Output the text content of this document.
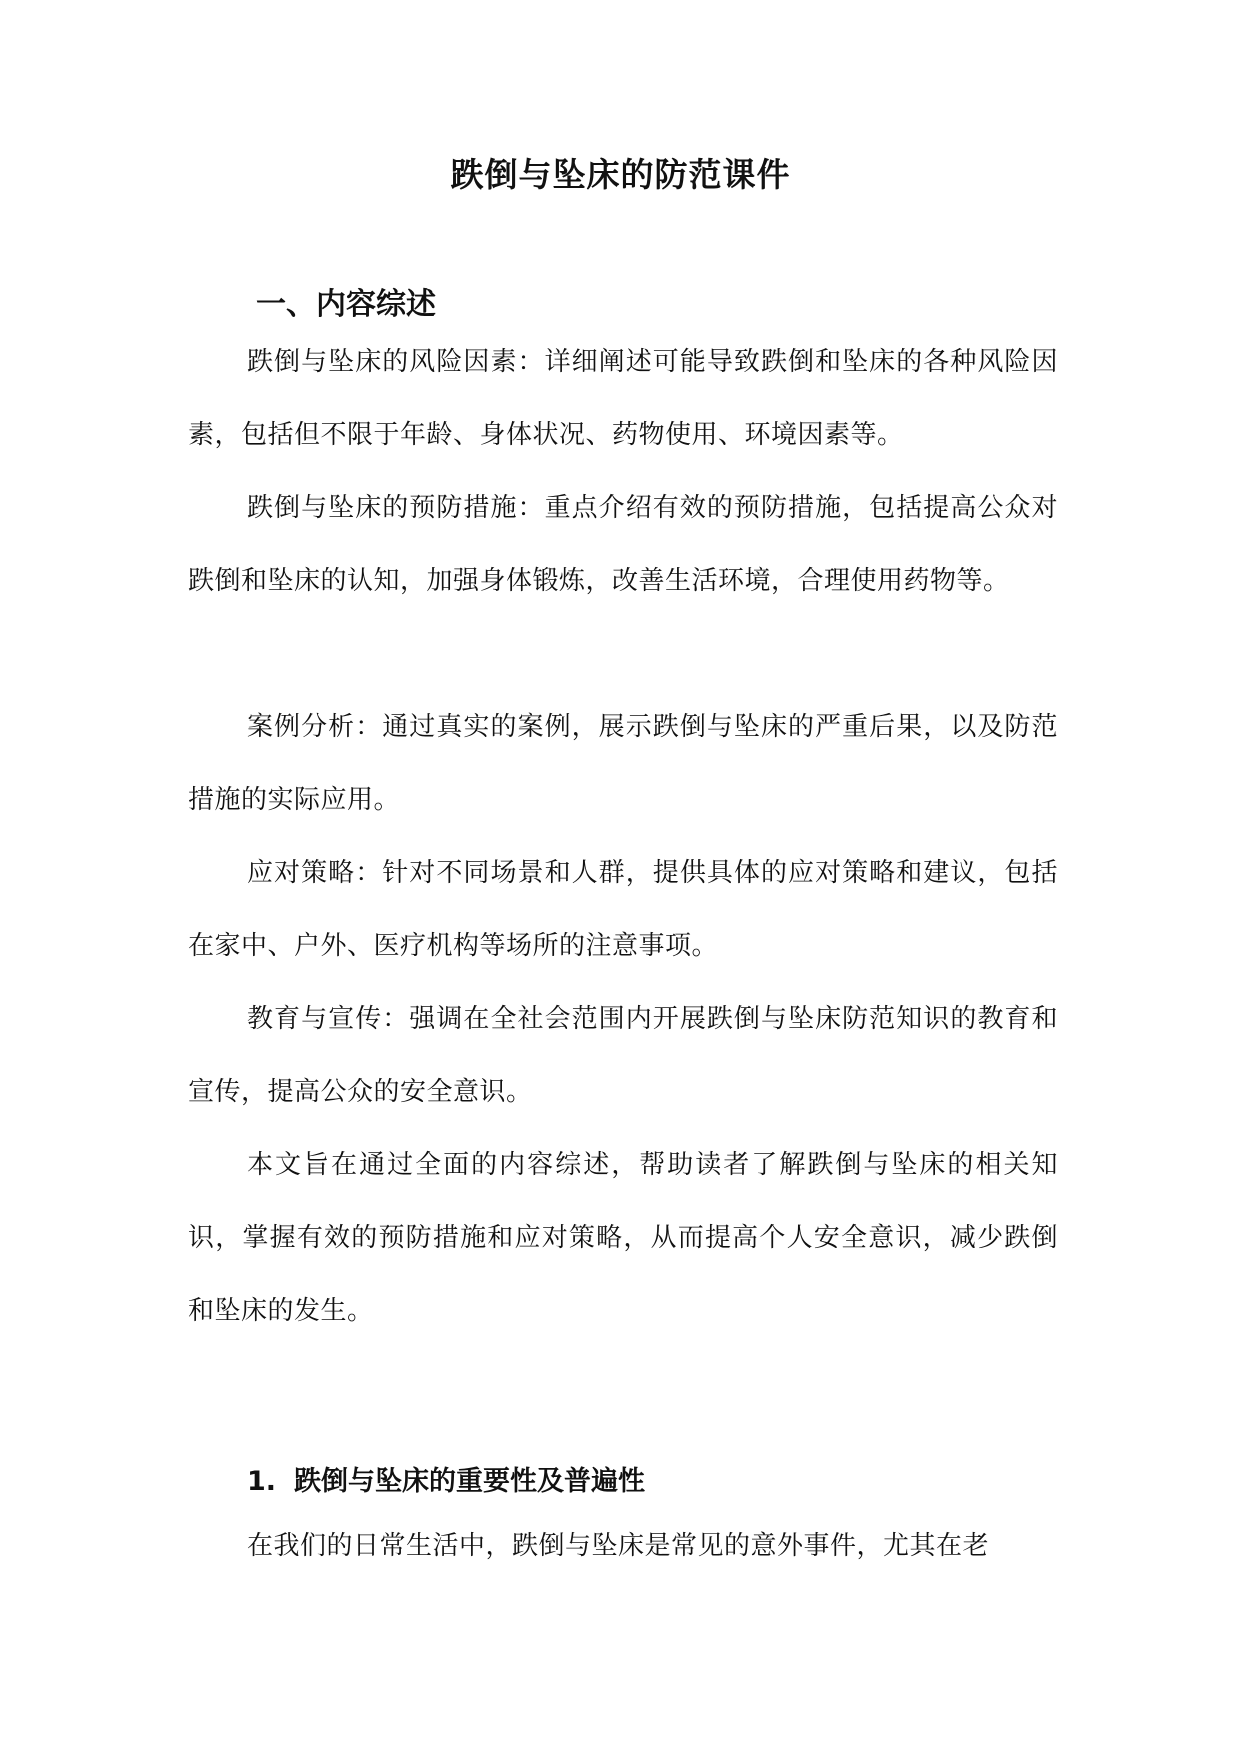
跌倒与坠床的防范课件
一、内容综述

跌倒与坠床的风险因素：详细阐述可能导致跌倒和坠床的各种风险因素，包括但不限于年龄、身体状况、药物使用、环境因素等。

跌倒与坠床的预防措施：重点介绍有效的预防措施，包括提高公众对跌倒和坠床的认知，加强身体锻炼，改善生活环境，合理使用药物等。

案例分析：通过真实的案例，展示跌倒与坠床的严重后果，以及防范措施的实际应用。

应对策略：针对不同场景和人群，提供具体的应对策略和建议，包括在家中、户外、医疗机构等场所的注意事项。

教育与宣传：强调在全社会范围内开展跌倒与坠床防范知识的教育和宣传，提高公众的安全意识。

本文旨在通过全面的内容综述，帮助读者了解跌倒与坠床的相关知识，掌握有效的预防措施和应对策略，从而提高个人安全意识，减少跌倒和坠床的发生。

1. 跌倒与坠床的重要性及普遍性

在我们的日常生活中，跌倒与坠床是常见的意外事件，尤其在老
